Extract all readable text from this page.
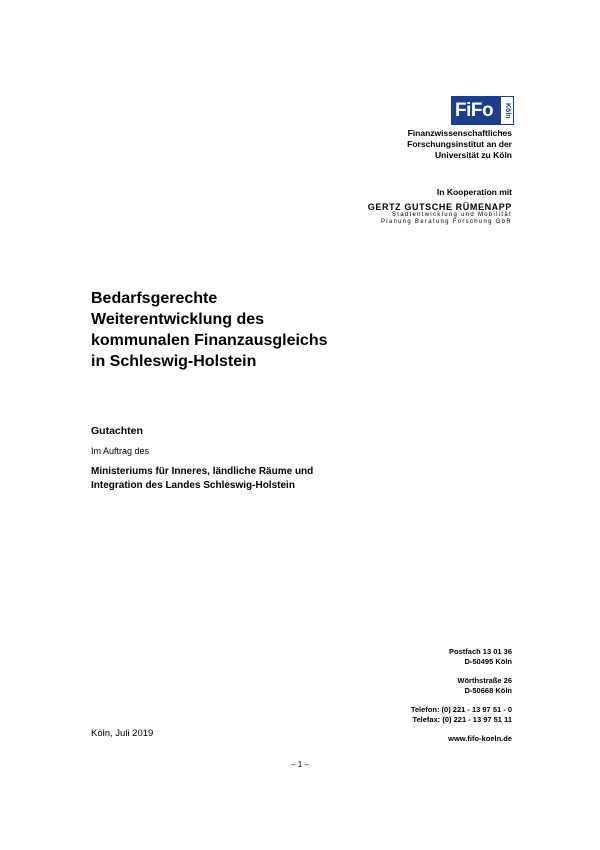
FiFo	Köln
Finanzwissenschaftliches
Forschungsinstitut an der
Universität zu Köln
In Kooperation mit
GERTZ GUTSCHE RÜMENAPP
Stadtentwicklung und Mobilität
Planung Beratung Forschung GbR
Bedarfsgerechte
Weiterentwicklung des
kommunalen Finanzausgleichs
in Schleswig-Holstein
Gutachten
Im Auftrag des
Ministeriums für Inneres, ländliche Räume und
Integration des Landes Schleswig-Holstein
Postfach 13 01 36
D-50495 Köln
Wörthstraße 26
D-50668 Köln
Telefon: (0) 221 - 13 97 51 - 0
Telefax: (0) 221 - 13 97 51 11
www.fifo-koeln.de
Köln, Juli 2019
– 1 –
